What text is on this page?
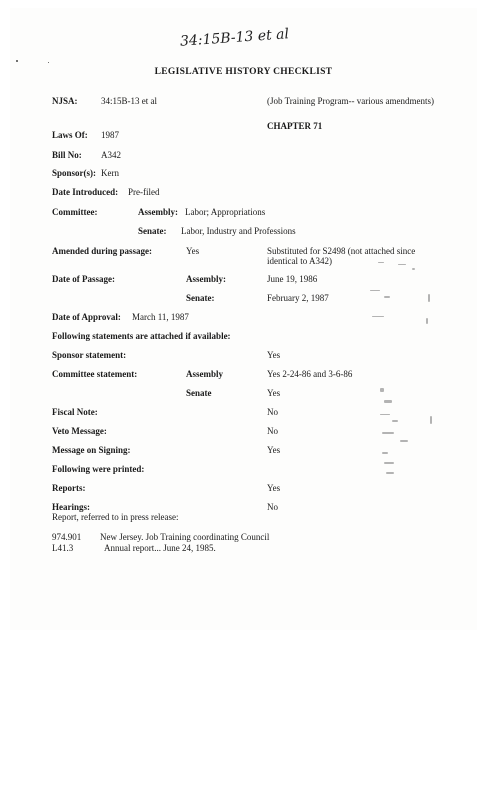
34:15B-13 et al
LEGISLATIVE HISTORY CHECKLIST
NJSA:	34:15B-13 et al	(Job Training Program-- various amendments)
CHAPTER 71
Laws Of: 1987
Bill No: A342
Sponsor(s): Kern
Date Introduced: Pre-filed
Committee:	Assembly: Labor; Appropriations
Senate: Labor, Industry and Professions
Amended during passage:	Yes	Substituted for S2498 (not attached since identical to A342)
Date of Passage:	Assembly:	June 19, 1986
Senate:	February 2, 1987
Date of Approval: March 11, 1987
Following statements are attached if available:
Sponsor statement:	Yes
Committee statement:	Assembly	Yes 2-24-86 and 3-6-86
Senate	Yes
Fiscal Note:	No
Veto Message:	No
Message on Signing:	Yes
Following were printed:
Reports:	Yes
Hearings:	No
Report, referred to in press release:
974.901 New Jersey. Job Training coordinating Council
L41.3	Annual report... June 24, 1985.
